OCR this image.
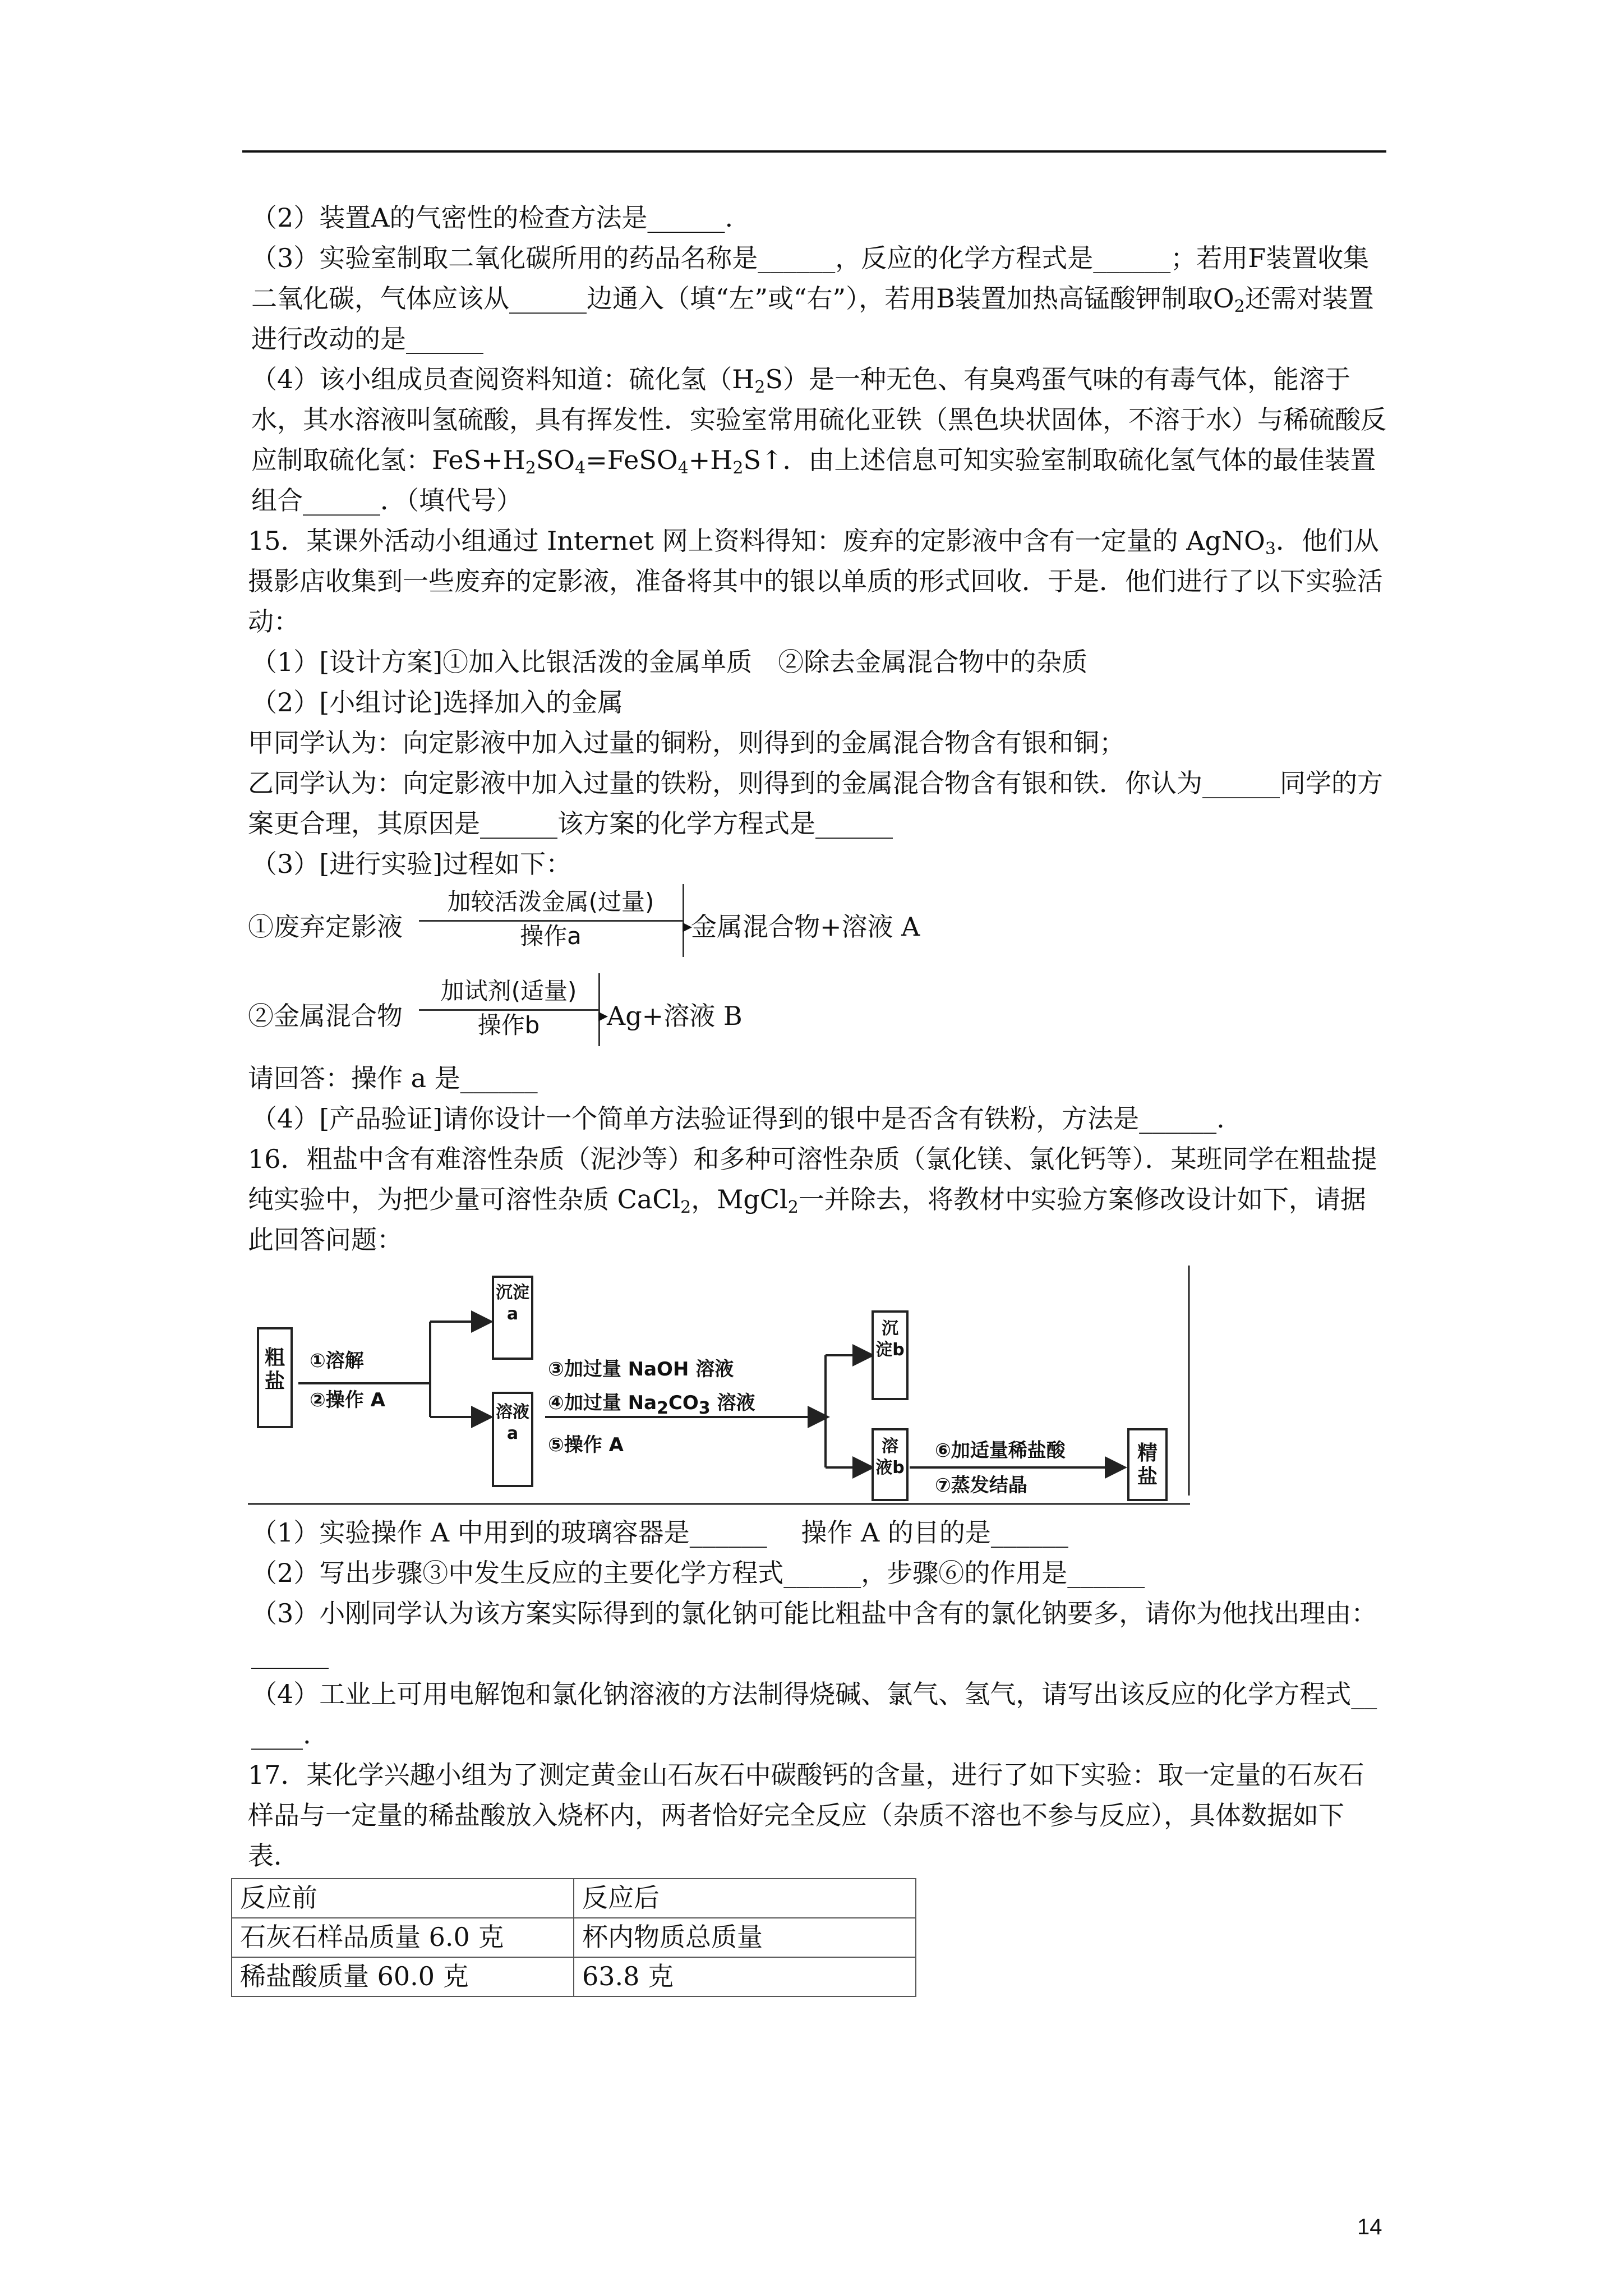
（2）装置A的气密性的检查方法是______.

（3）实验室制取二氧化碳所用的药品名称是______，反应的化学方程式是______；若用F装置收集二氧化碳，气体应该从______边通入（填“左”或“右”），若用B装置加热高锰酸钾制取$O_2$还需对装置进行改动的是______

（4）该小组成员查阅资料知道：硫化氢$(H_2S)$是一种无色、有臭鸡蛋气味的有毒气体，能溶于水，其水溶液叫氢硫酸，具有挥发性．实验室常用硫化亚铁（黑色块状固体，不溶于水）与稀硫酸反应制取硫化氢：$FeS+H_2SO_4=FeSO_4+H_2S↑$．由上述信息可知实验室制取硫化氢气体的最佳装置组合______．（填代号）

15．某课外活动小组通过 Internet 网上资料得知：废弃的定影液中含有一定量的 AgNO$_3$．他们从摄影店收集到一些废弃的定影液，准备将其中的银以单质的形式回收．于是．他们进行了以下实验活动：

（1）[设计方案]①加入比银活泼的金属单质　②除去金属混合物中的杂质

（2）[小组讨论]选择加入的金属

甲同学认为：向定影液中加入过量的铜粉，则得到的金属混合物含有银和铜；

乙同学认为：向定影液中加入过量的铁粉，则得到的金属混合物含有银和铁．你认为______同学的方案更合理，其原因是______该方案的化学方程式是______

（3）[进行实验]过程如下：

①废弃定影液
加较活泼金属(过量)
操作a	▸
金属混合物+溶液 A
②金属混合物
加试剂(适量)
操作b	▸
Ag+溶液 B

请回答：操作 a 是______

（4）[产品验证]请你设计一个简单方法验证得到的银中是否含有铁粉，方法是______.

16．粗盐中含有难溶性杂质（泥沙等）和多种可溶性杂质（氯化镁、氯化钙等）．某班同学在粗盐提纯实验中，为把少量可溶性杂质 CaCl$_2$，MgCl$_2$一并除去，将教材中实验方案修改设计如下，请据此回答问题：

粗盐
①溶解
②操作 A
沉淀a
溶液a
③加过量 NaOH 溶液
④加过量 $Na_2CO_3$ 溶液
⑤操作 A
沉淀b
溶液b
⑥加适量稀盐酸
⑦蒸发结晶
精盐

（1）实验操作 A 中用到的玻璃容器是______　 操作 A 的目的是______

（2）写出步骤③中发生反应的主要化学方程式______，步骤⑥的作用是______

（3）小刚同学认为该方案实际得到的氯化钠可能比粗盐中含有的氯化钠要多，请你为他找出理由：______

（4）工业上可用电解饱和氯化钠溶液的方法制得烧碱、氯气、氢气，请写出该反应的化学方程式______.

17．某化学兴趣小组为了测定黄金山石灰石中碳酸钙的含量，进行了如下实验：取一定量的石灰石样品与一定量的稀盐酸放入烧杯内，两者恰好完全反应（杂质不溶也不参与反应），具体数据如下表．

反应前	反应后
石灰石样品质量 6.0 克	杯内物质总质量
稀盐酸质量 60.0 克	63.8 克
14
